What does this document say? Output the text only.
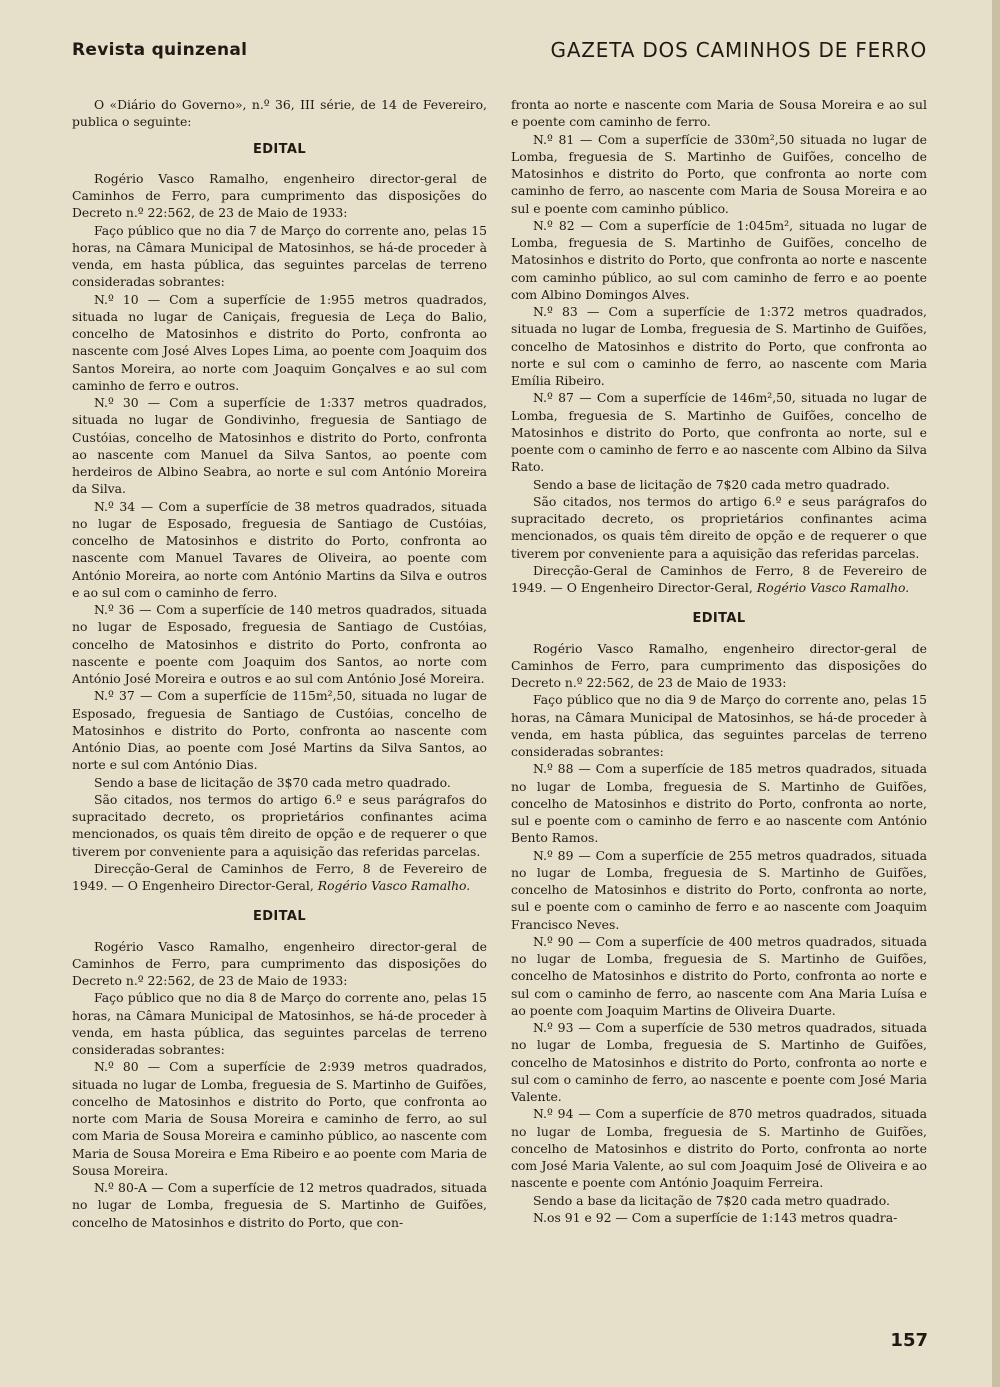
Revista quinzenal	GAZETA DOS CAMINHOS DE FERRO

O «Diário do Governo», n.º 36, III série, de 14 de Fevereiro, publica o seguinte:

EDITAL

Rogério Vasco Ramalho, engenheiro director-geral de Caminhos de Ferro, para cumprimento das disposições do Decreto n.º 22:562, de 23 de Maio de 1933:

Faço público que no dia 7 de Março do corrente ano, pelas 15 horas, na Câmara Municipal de Matosinhos, se há-de proceder à venda, em hasta pública, das seguintes parcelas de terreno consideradas sobrantes:

N.º 10 — Com a superfície de 1:955 metros quadrados, situada no lugar de Caniçais, freguesia de Leça do Balio, concelho de Matosinhos e distrito do Porto, confronta ao nascente com José Alves Lopes Lima, ao poente com Joaquim dos Santos Moreira, ao norte com Joaquim Gonçalves e ao sul com caminho de ferro e outros.

N.º 30 — Com a superfície de 1:337 metros quadrados, situada no lugar de Gondivinho, freguesia de Santiago de Custóias, concelho de Matosinhos e distrito do Porto, confronta ao nascente com Manuel da Silva Santos, ao poente com herdeiros de Albino Seabra, ao norte e sul com António Moreira da Silva.

N.º 34 — Com a superfície de 38 metros quadrados, situada no lugar de Esposado, freguesia de Santiago de Custóias, concelho de Matosinhos e distrito do Porto, confronta ao nascente com Manuel Tavares de Oliveira, ao poente com António Moreira, ao norte com António Martins da Silva e outros e ao sul com o caminho de ferro.

N.º 36 — Com a superfície de 140 metros quadrados, situada no lugar de Esposado, freguesia de Santiago de Custóias, concelho de Matosinhos e distrito do Porto, confronta ao nascente e poente com Joaquim dos Santos, ao norte com António José Moreira e outros e ao sul com António José Moreira.

N.º 37 — Com a superfície de 115m²,50, situada no lugar de Esposado, freguesia de Santiago de Custóias, concelho de Matosinhos e distrito do Porto, confronta ao nascente com António Dias, ao poente com José Martins da Silva Santos, ao norte e sul com António Dias.

Sendo a base de licitação de 3$70 cada metro quadrado.

São citados, nos termos do artigo 6.º e seus parágrafos do supracitado decreto, os proprietários confinantes acima mencionados, os quais têm direito de opção e de requerer o que tiverem por conveniente para a aquisição das referidas parcelas.

Direcção-Geral de Caminhos de Ferro, 8 de Fevereiro de 1949. — O Engenheiro Director-Geral, Rogério Vasco Ramalho.

EDITAL

Rogério Vasco Ramalho, engenheiro director-geral de Caminhos de Ferro, para cumprimento das disposições do Decreto n.º 22:562, de 23 de Maio de 1933:

Faço público que no dia 8 de Março do corrente ano, pelas 15 horas, na Câmara Municipal de Matosinhos, se há-de proceder à venda, em hasta pública, das seguintes parcelas de terreno consideradas sobrantes:

N.º 80 — Com a superfície de 2:939 metros quadrados, situada no lugar de Lomba, freguesia de S. Martinho de Guifões, concelho de Matosinhos e distrito do Porto, que confronta ao norte com Maria de Sousa Moreira e caminho de ferro, ao sul com Maria de Sousa Moreira e caminho público, ao nascente com Maria de Sousa Moreira e Ema Ribeiro e ao poente com Maria de Sousa Moreira.

N.º 80-A — Com a superfície de 12 metros quadrados, situada no lugar de Lomba, freguesia de S. Martinho de Guifões, concelho de Matosinhos e distrito do Porto, que con-

fronta ao norte e nascente com Maria de Sousa Moreira e ao sul e poente com caminho de ferro.

N.º 81 — Com a superfície de 330m²,50 situada no lugar de Lomba, freguesia de S. Martinho de Guifões, concelho de Matosinhos e distrito do Porto, que confronta ao norte com caminho de ferro, ao nascente com Maria de Sousa Moreira e ao sul e poente com caminho público.

N.º 82 — Com a superfície de 1:045m², situada no lugar de Lomba, freguesia de S. Martinho de Guifões, concelho de Matosinhos e distrito do Porto, que confronta ao norte e nascente com caminho público, ao sul com caminho de ferro e ao poente com Albino Domingos Alves.

N.º 83 — Com a superfície de 1:372 metros quadrados, situada no lugar de Lomba, freguesia de S. Martinho de Guifões, concelho de Matosinhos e distrito do Porto, que confronta ao norte e sul com o caminho de ferro, ao nascente com Maria Emília Ribeiro.

N.º 87 — Com a superfície de 146m²,50, situada no lugar de Lomba, freguesia de S. Martinho de Guifões, concelho de Matosinhos e distrito do Porto, que confronta ao norte, sul e poente com o caminho de ferro e ao nascente com Albino da Silva Rato.

Sendo a base de licitação de 7$20 cada metro quadrado.

São citados, nos termos do artigo 6.º e seus parágrafos do supracitado decreto, os proprietários confinantes acima mencionados, os quais têm direito de opção e de requerer o que tiverem por conveniente para a aquisição das referidas parcelas.

Direcção-Geral de Caminhos de Ferro, 8 de Fevereiro de 1949. — O Engenheiro Director-Geral, Rogério Vasco Ramalho.

EDITAL

Rogério Vasco Ramalho, engenheiro director-geral de Caminhos de Ferro, para cumprimento das disposições do Decreto n.º 22:562, de 23 de Maio de 1933:

Faço público que no dia 9 de Março do corrente ano, pelas 15 horas, na Câmara Municipal de Matosinhos, se há-de proceder à venda, em hasta pública, das seguintes parcelas de terreno consideradas sobrantes:

N.º 88 — Com a superfície de 185 metros quadrados, situada no lugar de Lomba, freguesia de S. Martinho de Guifões, concelho de Matosinhos e distrito do Porto, confronta ao norte, sul e poente com o caminho de ferro e ao nascente com António Bento Ramos.

N.º 89 — Com a superfície de 255 metros quadrados, situada no lugar de Lomba, freguesia de S. Martinho de Guifões, concelho de Matosinhos e distrito do Porto, confronta ao norte, sul e poente com o caminho de ferro e ao nascente com Joaquim Francisco Neves.

N.º 90 — Com a superfície de 400 metros quadrados, situada no lugar de Lomba, freguesia de S. Martinho de Guifões, concelho de Matosinhos e distrito do Porto, confronta ao norte e sul com o caminho de ferro, ao nascente com Ana Maria Luísa e ao poente com Joaquim Martins de Oliveira Duarte.

N.º 93 — Com a superfície de 530 metros quadrados, situada no lugar de Lomba, freguesia de S. Martinho de Guifões, concelho de Matosinhos e distrito do Porto, confronta ao norte e sul com o caminho de ferro, ao nascente e poente com José Maria Valente.

N.º 94 — Com a superfície de 870 metros quadrados, situada no lugar de Lomba, freguesia de S. Martinho de Guifões, concelho de Matosinhos e distrito do Porto, confronta ao norte com José Maria Valente, ao sul com Joaquim José de Oliveira e ao nascente e poente com António Joaquim Ferreira.

Sendo a base da licitação de 7$20 cada metro quadrado.

N.os 91 e 92 — Com a superfície de 1:143 metros quadra-

157
